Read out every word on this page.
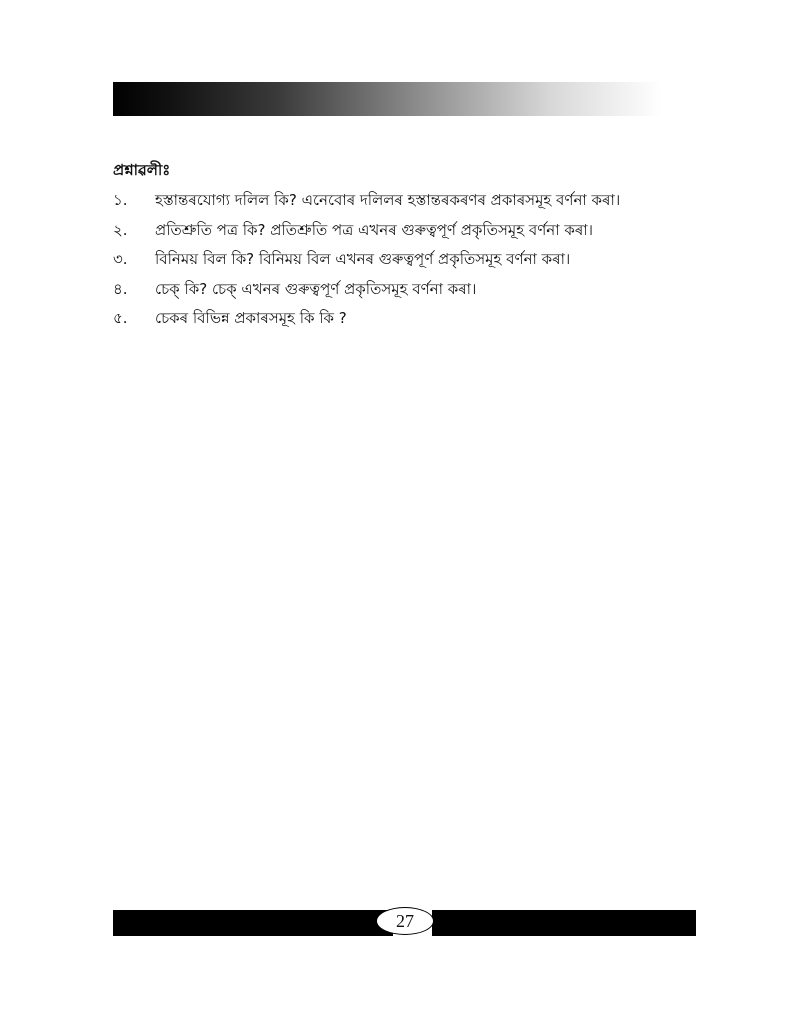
প্ৰশ্নাৱলীঃ
১.	হস্তান্তৰযোগ্য দলিল কি? এনেবোৰ দলিলৰ হস্তান্তৰকৰণৰ প্ৰকাৰসমূহ বৰ্ণনা কৰা।
২.	প্ৰতিশ্ৰুতি পত্ৰ কি? প্ৰতিশ্ৰুতি পত্ৰ এখনৰ গুৰুত্বপূৰ্ণ প্ৰকৃতিসমূহ বৰ্ণনা কৰা।
৩.	বিনিময় বিল কি? বিনিময় বিল এখনৰ গুৰুত্বপূৰ্ণ প্ৰকৃতিসমূহ বৰ্ণনা কৰা।
৪.	চেক্ কি? চেক্ এখনৰ গুৰুত্বপূৰ্ণ প্ৰকৃতিসমূহ বৰ্ণনা কৰা।
৫.	চেকৰ বিভিন্ন প্ৰকাৰসমূহ কি কি ?
27
